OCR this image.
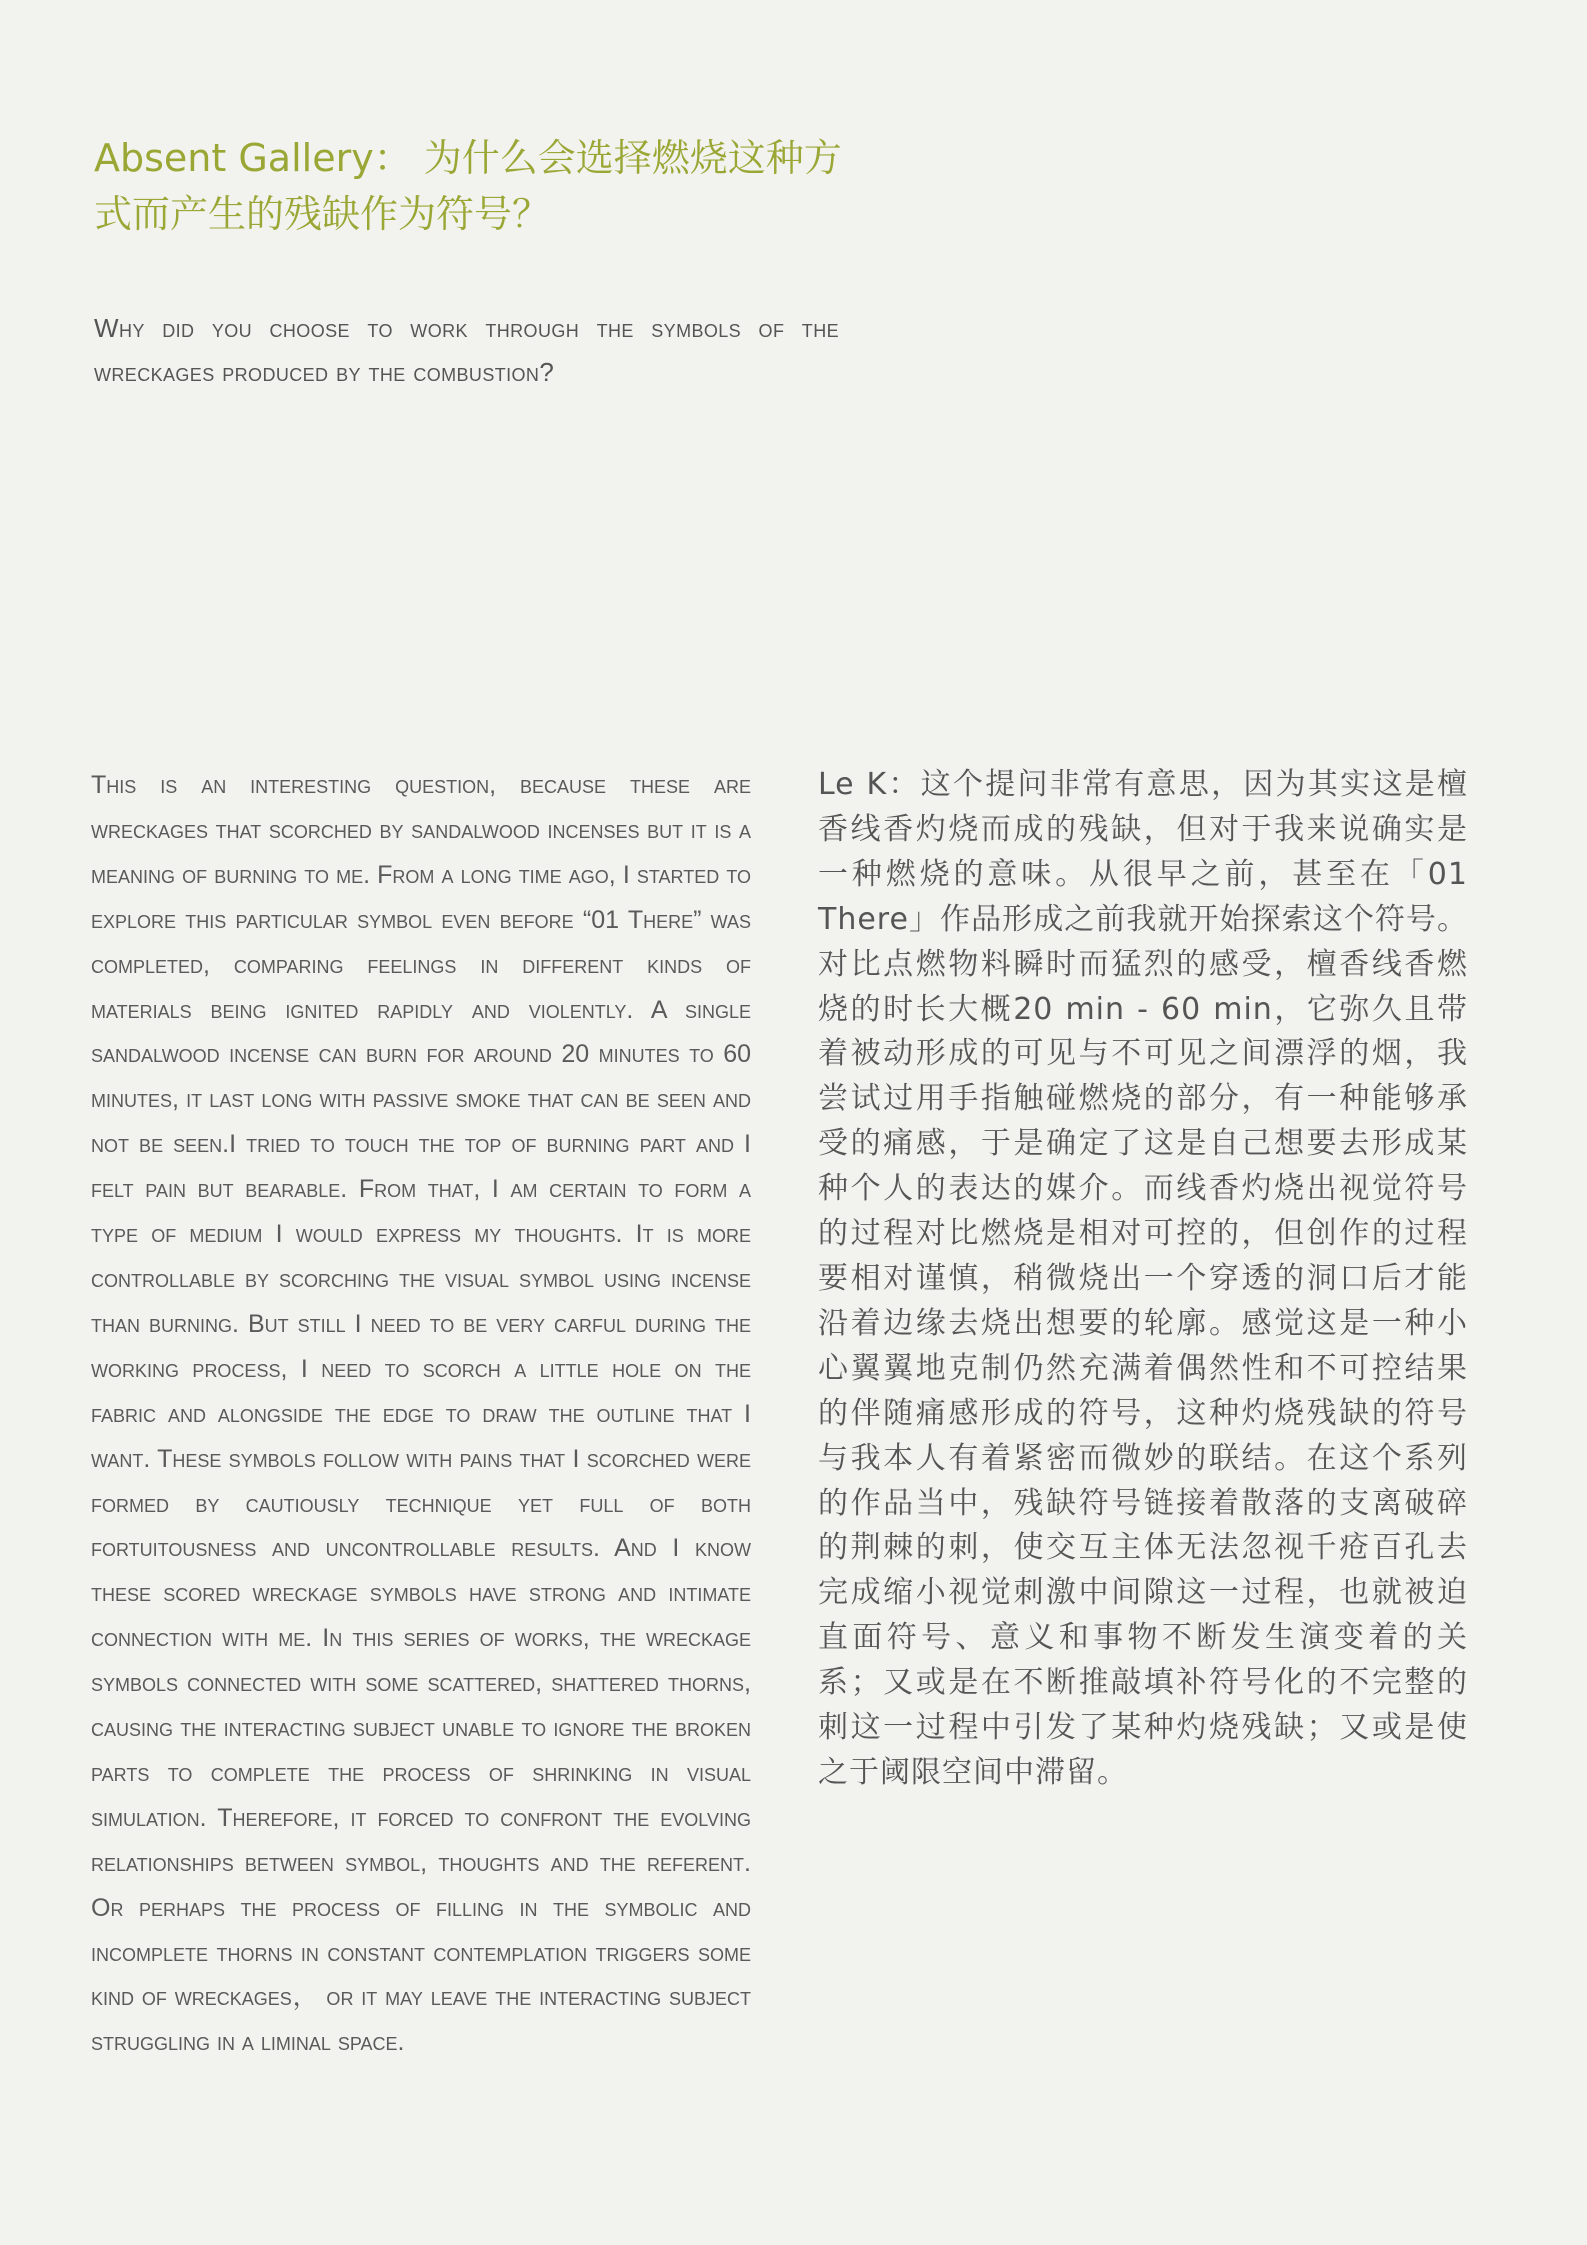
Absent Gallery： 为什么会选择燃烧这种方式而产生的残缺作为符号？

Why did you choose to work through the symbols of the wreckages produced by the combustion?

This is an interesting question, because these are wreckages that scorched by sandalwood incenses but it is a meaning of burning to me. From a long time ago, I started to explore this particular symbol even before “01 There” was completed, comparing feelings in different kinds of materials being ignited rapidly and violently. A single sandalwood incense can burn for around 20 minutes to 60 minutes, it last long with passive smoke that can be seen and not be seen.I tried to touch the top of burning part and I felt pain but bearable. From that, I am certain to form a type of medium I would express my thoughts. It is more controllable by scorching the visual symbol using incense than burning. But still I need to be very carful during the working process, I need to scorch a little hole on the fabric and alongside the edge to draw the outline that I want. These symbols follow with pains that I scorched were formed by cautiously technique yet full of both fortuitousness and uncontrollable results. And I know these scored wreckage symbols have strong and intimate connection with me. In this series of works, the wreckage symbols connected with some scattered, shattered thorns, causing the interacting subject unable to ignore the broken parts to complete the process of shrinking in visual simulation. Therefore, it forced to confront the evolving relationships between symbol, thoughts and the referent. Or perhaps the process of filling in the symbolic and incomplete thorns in constant contemplation triggers some kind of wreckages， or it may leave the interacting subject struggling in a liminal space.

Le K：这个提问非常有意思，因为其实这是檀香线香灼烧而成的残缺，但对于我来说确实是一种燃烧的意味。从很早之前，甚至在「01 There」作品形成之前我就开始探索这个符号。对比点燃物料瞬时而猛烈的感受，檀香线香燃烧的时长大概20 min - 60 min，它弥久且带着被动形成的可见与不可见之间漂浮的烟，我尝试过用手指触碰燃烧的部分，有一种能够承受的痛感，于是确定了这是自己想要去形成某种个人的表达的媒介。而线香灼烧出视觉符号的过程对比燃烧是相对可控的，但创作的过程要相对谨慎，稍微烧出一个穿透的洞口后才能沿着边缘去烧出想要的轮廓。感觉这是一种小心翼翼地克制仍然充满着偶然性和不可控结果的伴随痛感形成的符号，这种灼烧残缺的符号与我本人有着紧密而微妙的联结。在这个系列的作品当中，残缺符号链接着散落的支离破碎的荆棘的刺，使交互主体无法忽视千疮百孔去完成缩小视觉刺激中间隙这一过程，也就被迫直面符号、意义和事物不断发生演变着的关系；又或是在不断推敲填补符号化的不完整的刺这一过程中引发了某种灼烧残缺；又或是使之于阈限空间中滞留。
